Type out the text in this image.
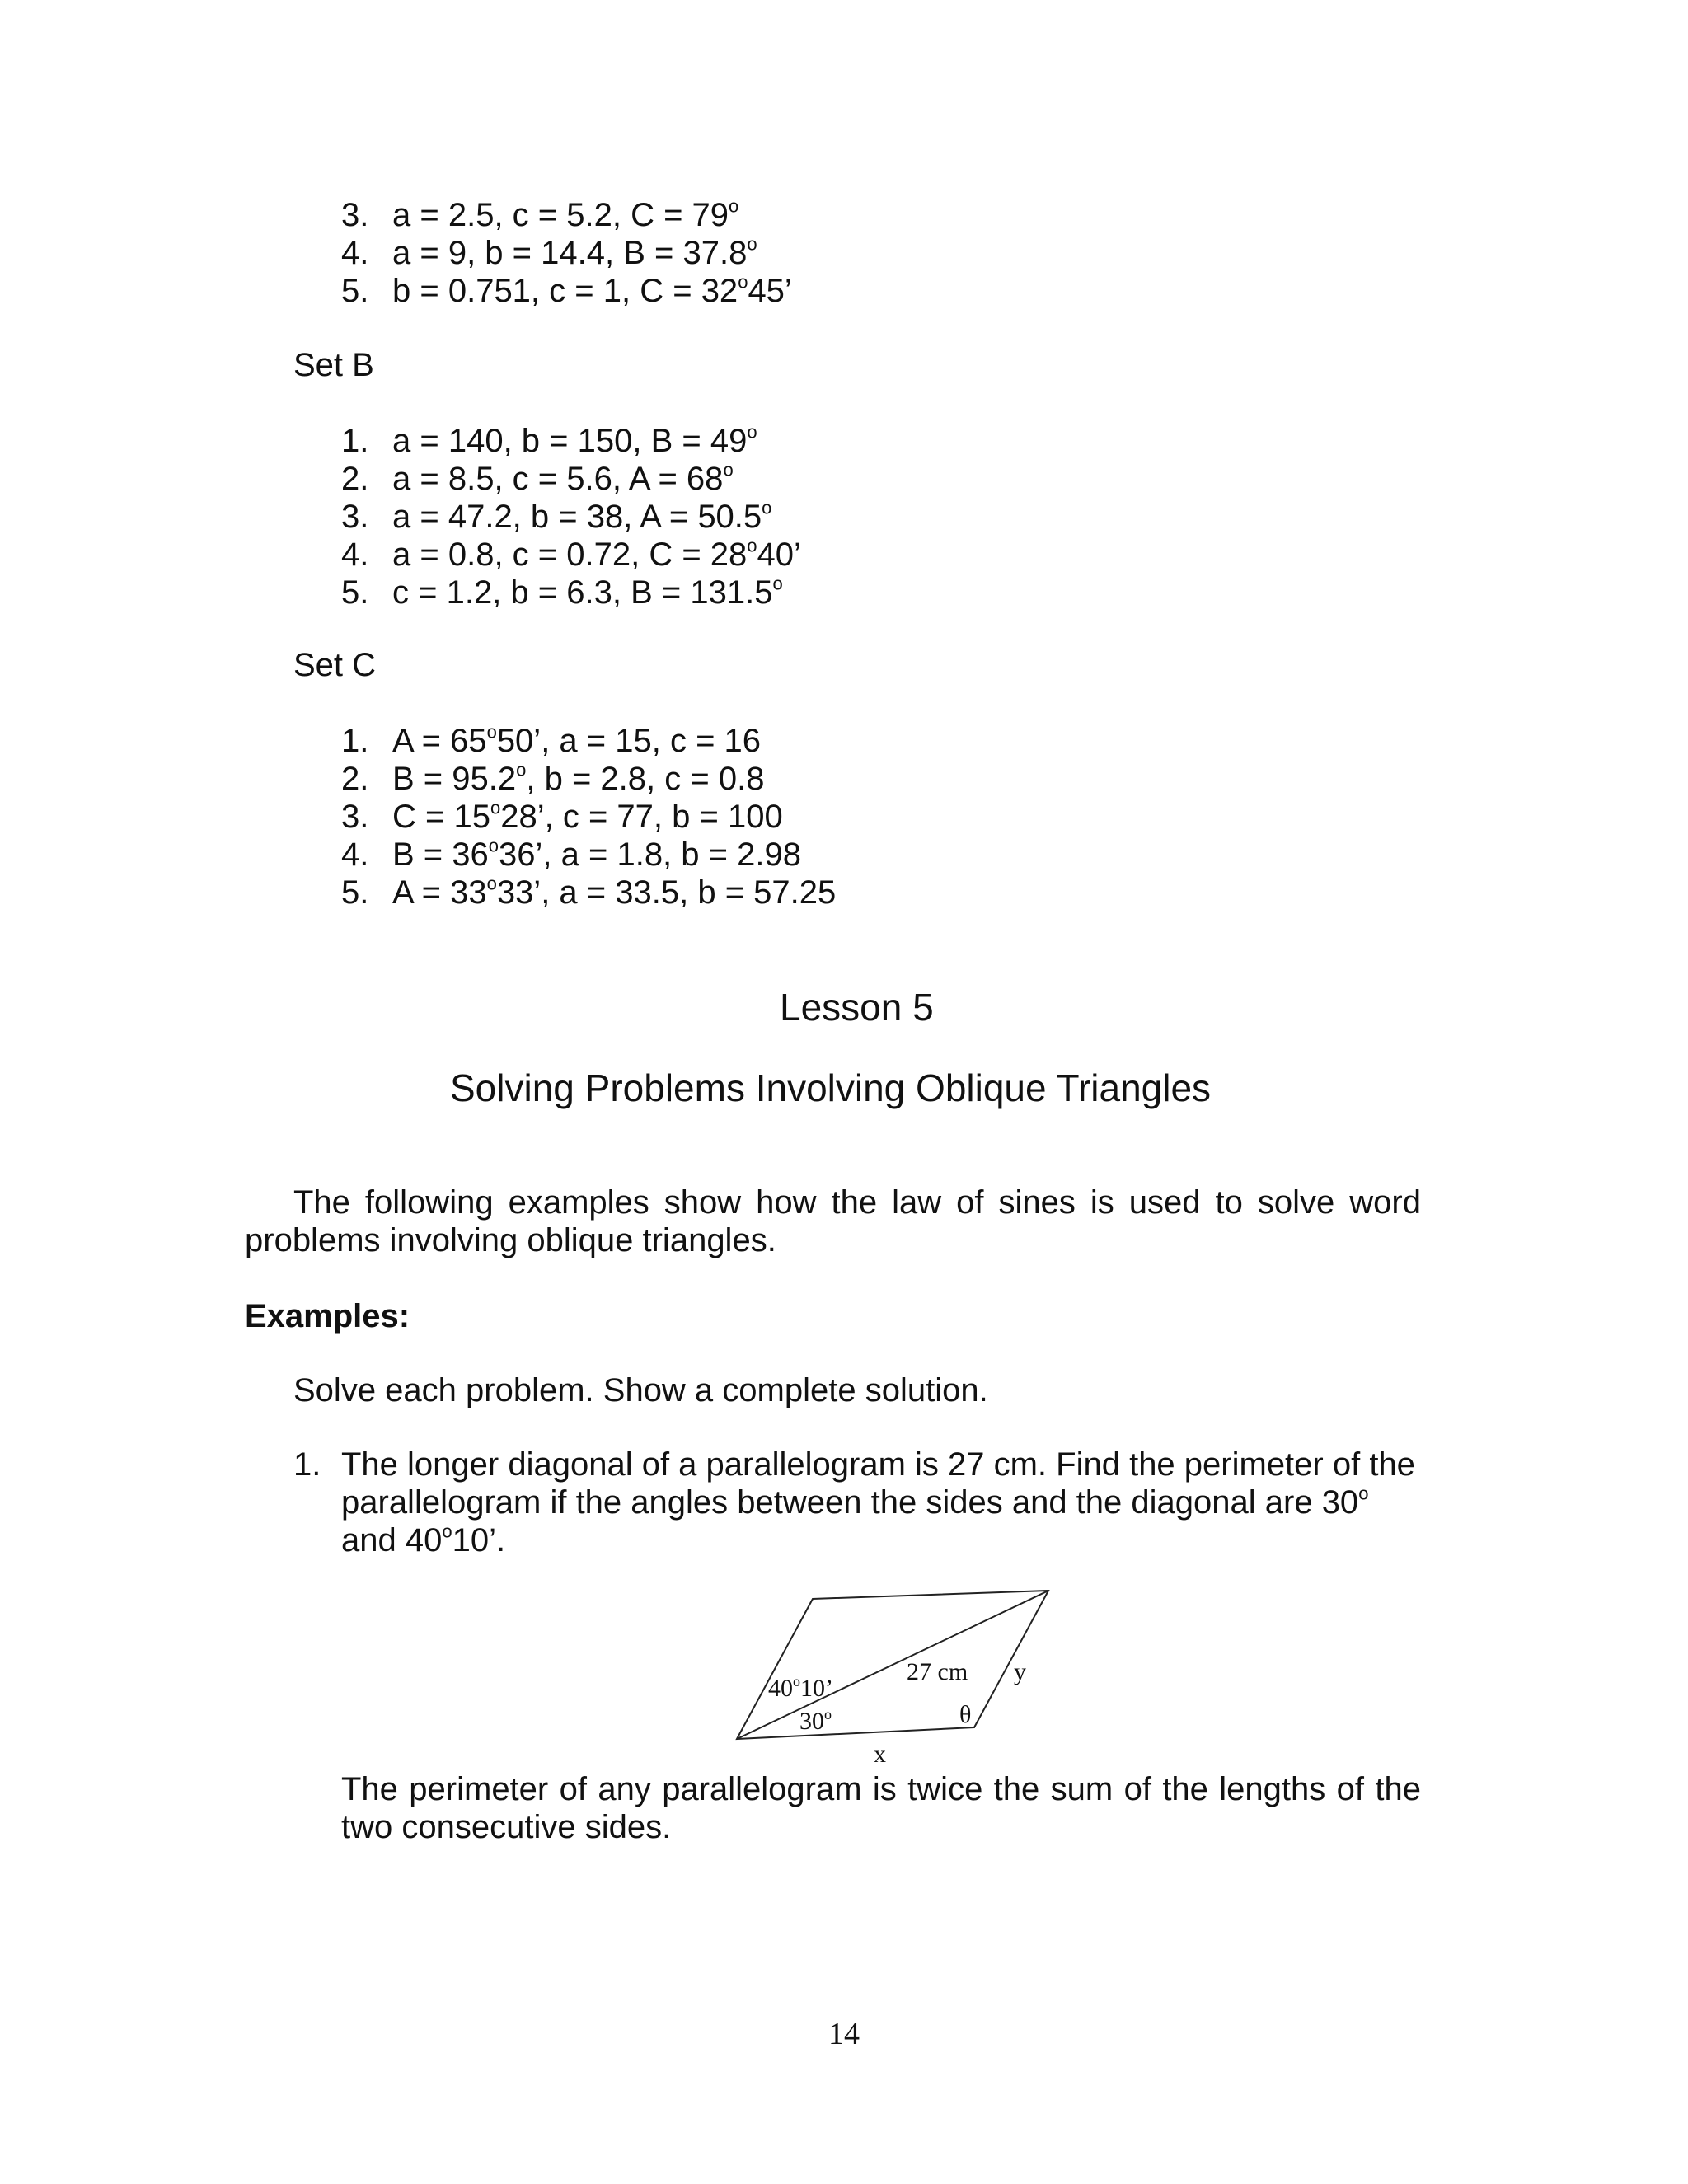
3. a = 2.5, c = 5.2, $C = 79^o$
4. a = 9, b = 14.4, $B = 37.8^o$
5. b = 0.751, c = 1, $C = 32^o45$’
Set B
1. a = 140, b = 150, $B = 49^o$
2. a = 8.5, c = 5.6, $A = 68^o$
3. a = 47.2, b = 38, $A = 50.5^o$
4. a = 0.8, c = 0.72, $C = 28^o40$’
5. c = 1.2, b = 6.3, $B = 131.5^o$
Set C
1. $A = 65^o50$’, a = 15, c = 16
2. $B = 95.2^o$, b = 2.8, c = 0.8
3. $C = 15^o28$’, c = 77, b = 100
4. $B = 36^o36$’, a = 1.8, b = 2.98
5. $A = 33^o33$’, a = 33.5, b = 57.25
Lesson 5
Solving Problems Involving Oblique Triangles
The following examples show how the law of sines is used to solve word
problems involving oblique triangles.
Examples:
Solve each problem. Show a complete solution.
1. The longer diagonal of a parallelogram is 27 cm. Find the perimeter of the
parallelogram if the angles between the sides and the diagonal are 30$^o$
and 40$^o$10’.
40$^o$10’
30$^o$
27 cm y
θ
x
The perimeter of any parallelogram is twice the sum of the lengths of the
two consecutive sides.
14
